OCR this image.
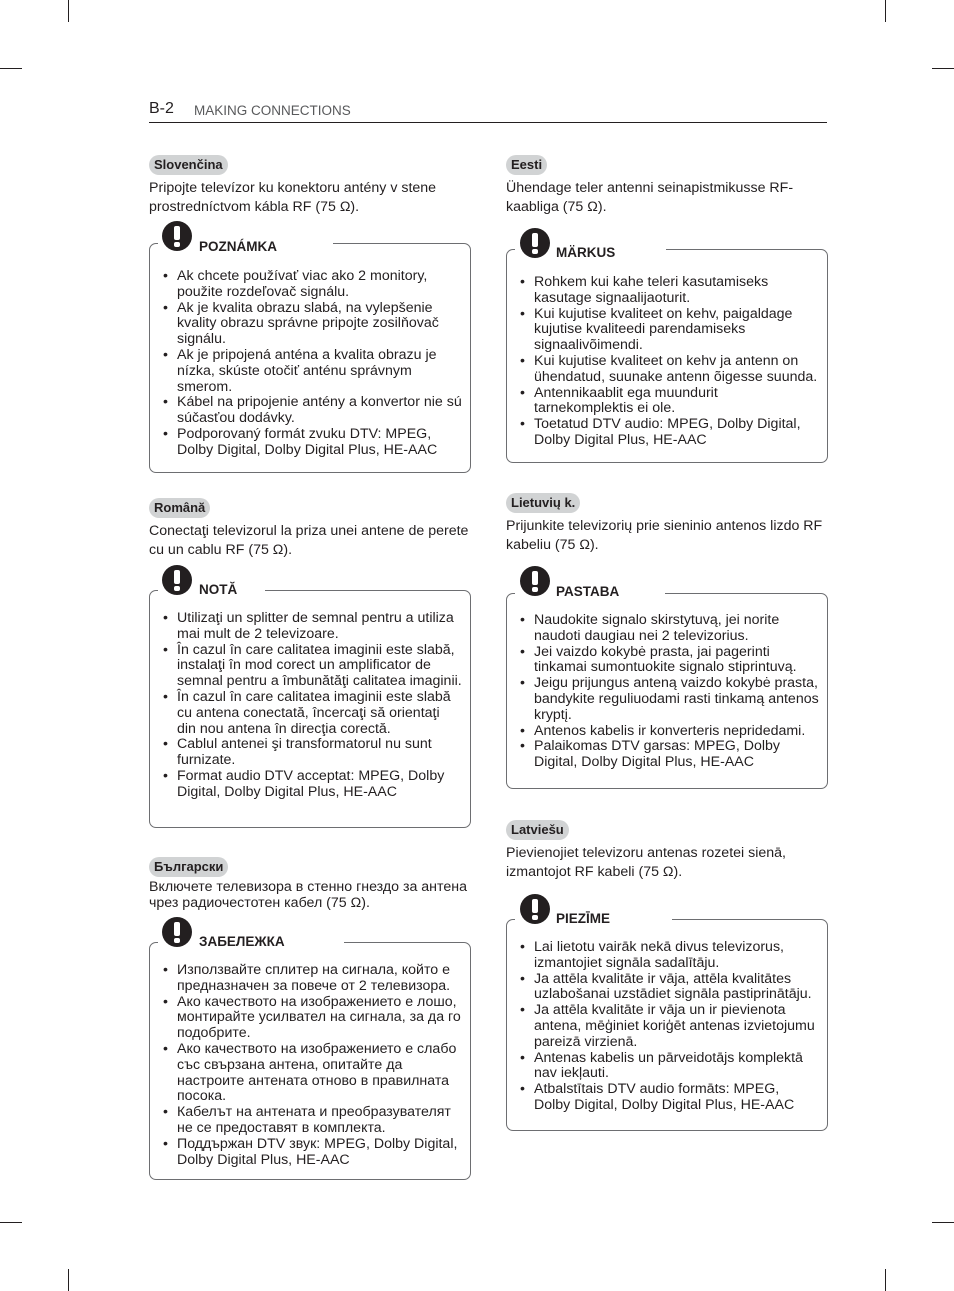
B-2 MAKING CONNECTIONS
Slovenčina

Pripojte televízor ku konektoru antény v stene prostredníctvom kábla RF (75 Ω).

POZNÁMKA
• Ak chcete používať viac ako 2 monitory, použite rozdeľovač signálu.
• Ak je kvalita obrazu slabá, na vylepšenie kvality obrazu správne pripojte zosilňovač signálu.
• Ak je pripojená anténa a kvalita obrazu je nízka, skúste otočiť anténu správnym smerom.
• Kábel na pripojenie antény a konvertor nie sú súčasťou dodávky.
• Podporovaný formát zvuku DTV: MPEG, Dolby Digital, Dolby Digital Plus, HE-AAC
Română

Conectaţi televizorul la priza unei antene de perete cu un cablu RF (75 Ω).

NOTĂ
• Utilizaţi un splitter de semnal pentru a utiliza mai mult de 2 televizoare.
• În cazul în care calitatea imaginii este slabă, instalaţi în mod corect un amplificator de semnal pentru a îmbunătăţi calitatea imaginii.
• În cazul în care calitatea imaginii este slabă cu antena conectată, încercaţi să orientaţi din nou antena în direcţia corectă.
• Cablul antenei şi transformatorul nu sunt furnizate.
• Format audio DTV acceptat: MPEG, Dolby Digital, Dolby Digital Plus, HE-AAC
Български

Включете телевизора в стенно гнездо за антена чрез радиочестотен кабел (75 Ω).

ЗАБЕЛЕЖКА
• Използвайте сплитер на сигнала, който е предназначен за повече от 2 телевизора.
• Ако качеството на изображението е лошо, монтирайте усилвател на сигнала, за да го подобрите.
• Ако качеството на изображението е слабо със свързана антена, опитайте да настроите антената отново в правилната посока.
• Кабелът на антената и преобразувателят не се предоставят в комплекта.
• Поддържан DTV звук: MPEG, Dolby Digital, Dolby Digital Plus, HE-AAC
Eesti

Ühendage teler antenni seinapistmikusse RF-kaabliga (75 Ω).

MÄRKUS
• Rohkem kui kahe teleri kasutamiseks kasutage signaalijaoturit.
• Kui kujutise kvaliteet on kehv, paigaldage kujutise kvaliteedi parendamiseks signaalivõimendi.
• Kui kujutise kvaliteet on kehv ja antenn on ühendatud, suunake antenn õigesse suunda.
• Antennikaablit ega muundurit tarnekomplektis ei ole.
• Toetatud DTV audio: MPEG, Dolby Digital, Dolby Digital Plus, HE-AAC
Lietuvių k.

Prijunkite televizorių prie sieninio antenos lizdo RF kabeliu (75 Ω).

PASTABA
• Naudokite signalo skirstytuvą, jei norite naudoti daugiau nei 2 televizorius.
• Jei vaizdo kokybė prasta, jai pagerinti tinkamai sumontuokite signalo stiprintuvą.
• Jeigu prijungus anteną vaizdo kokybė prasta, bandykite reguliuodami rasti tinkamą antenos kryptį.
• Antenos kabelis ir konverteris nepridedami.
• Palaikomas DTV garsas: MPEG, Dolby Digital, Dolby Digital Plus, HE-AAC
Latviešu

Pievienojiet televizoru antenas rozetei sienā, izmantojot RF kabeli (75 Ω).

PIEZĪME
• Lai lietotu vairāk nekā divus televizorus, izmantojiet signāla sadalītāju.
• Ja attēla kvalitāte ir vāja, attēla kvalitātes uzlabošanai uzstādiet signāla pastiprinātāju.
• Ja attēla kvalitāte ir vāja un ir pievienota antena, mēģiniet koriģēt antenas izvietojumu pareizā virzienā.
• Antenas kabelis un pārveidotājs komplektā nav iekļauti.
• Atbalstītais DTV audio formāts: MPEG, Dolby Digital, Dolby Digital Plus, HE-AAC
